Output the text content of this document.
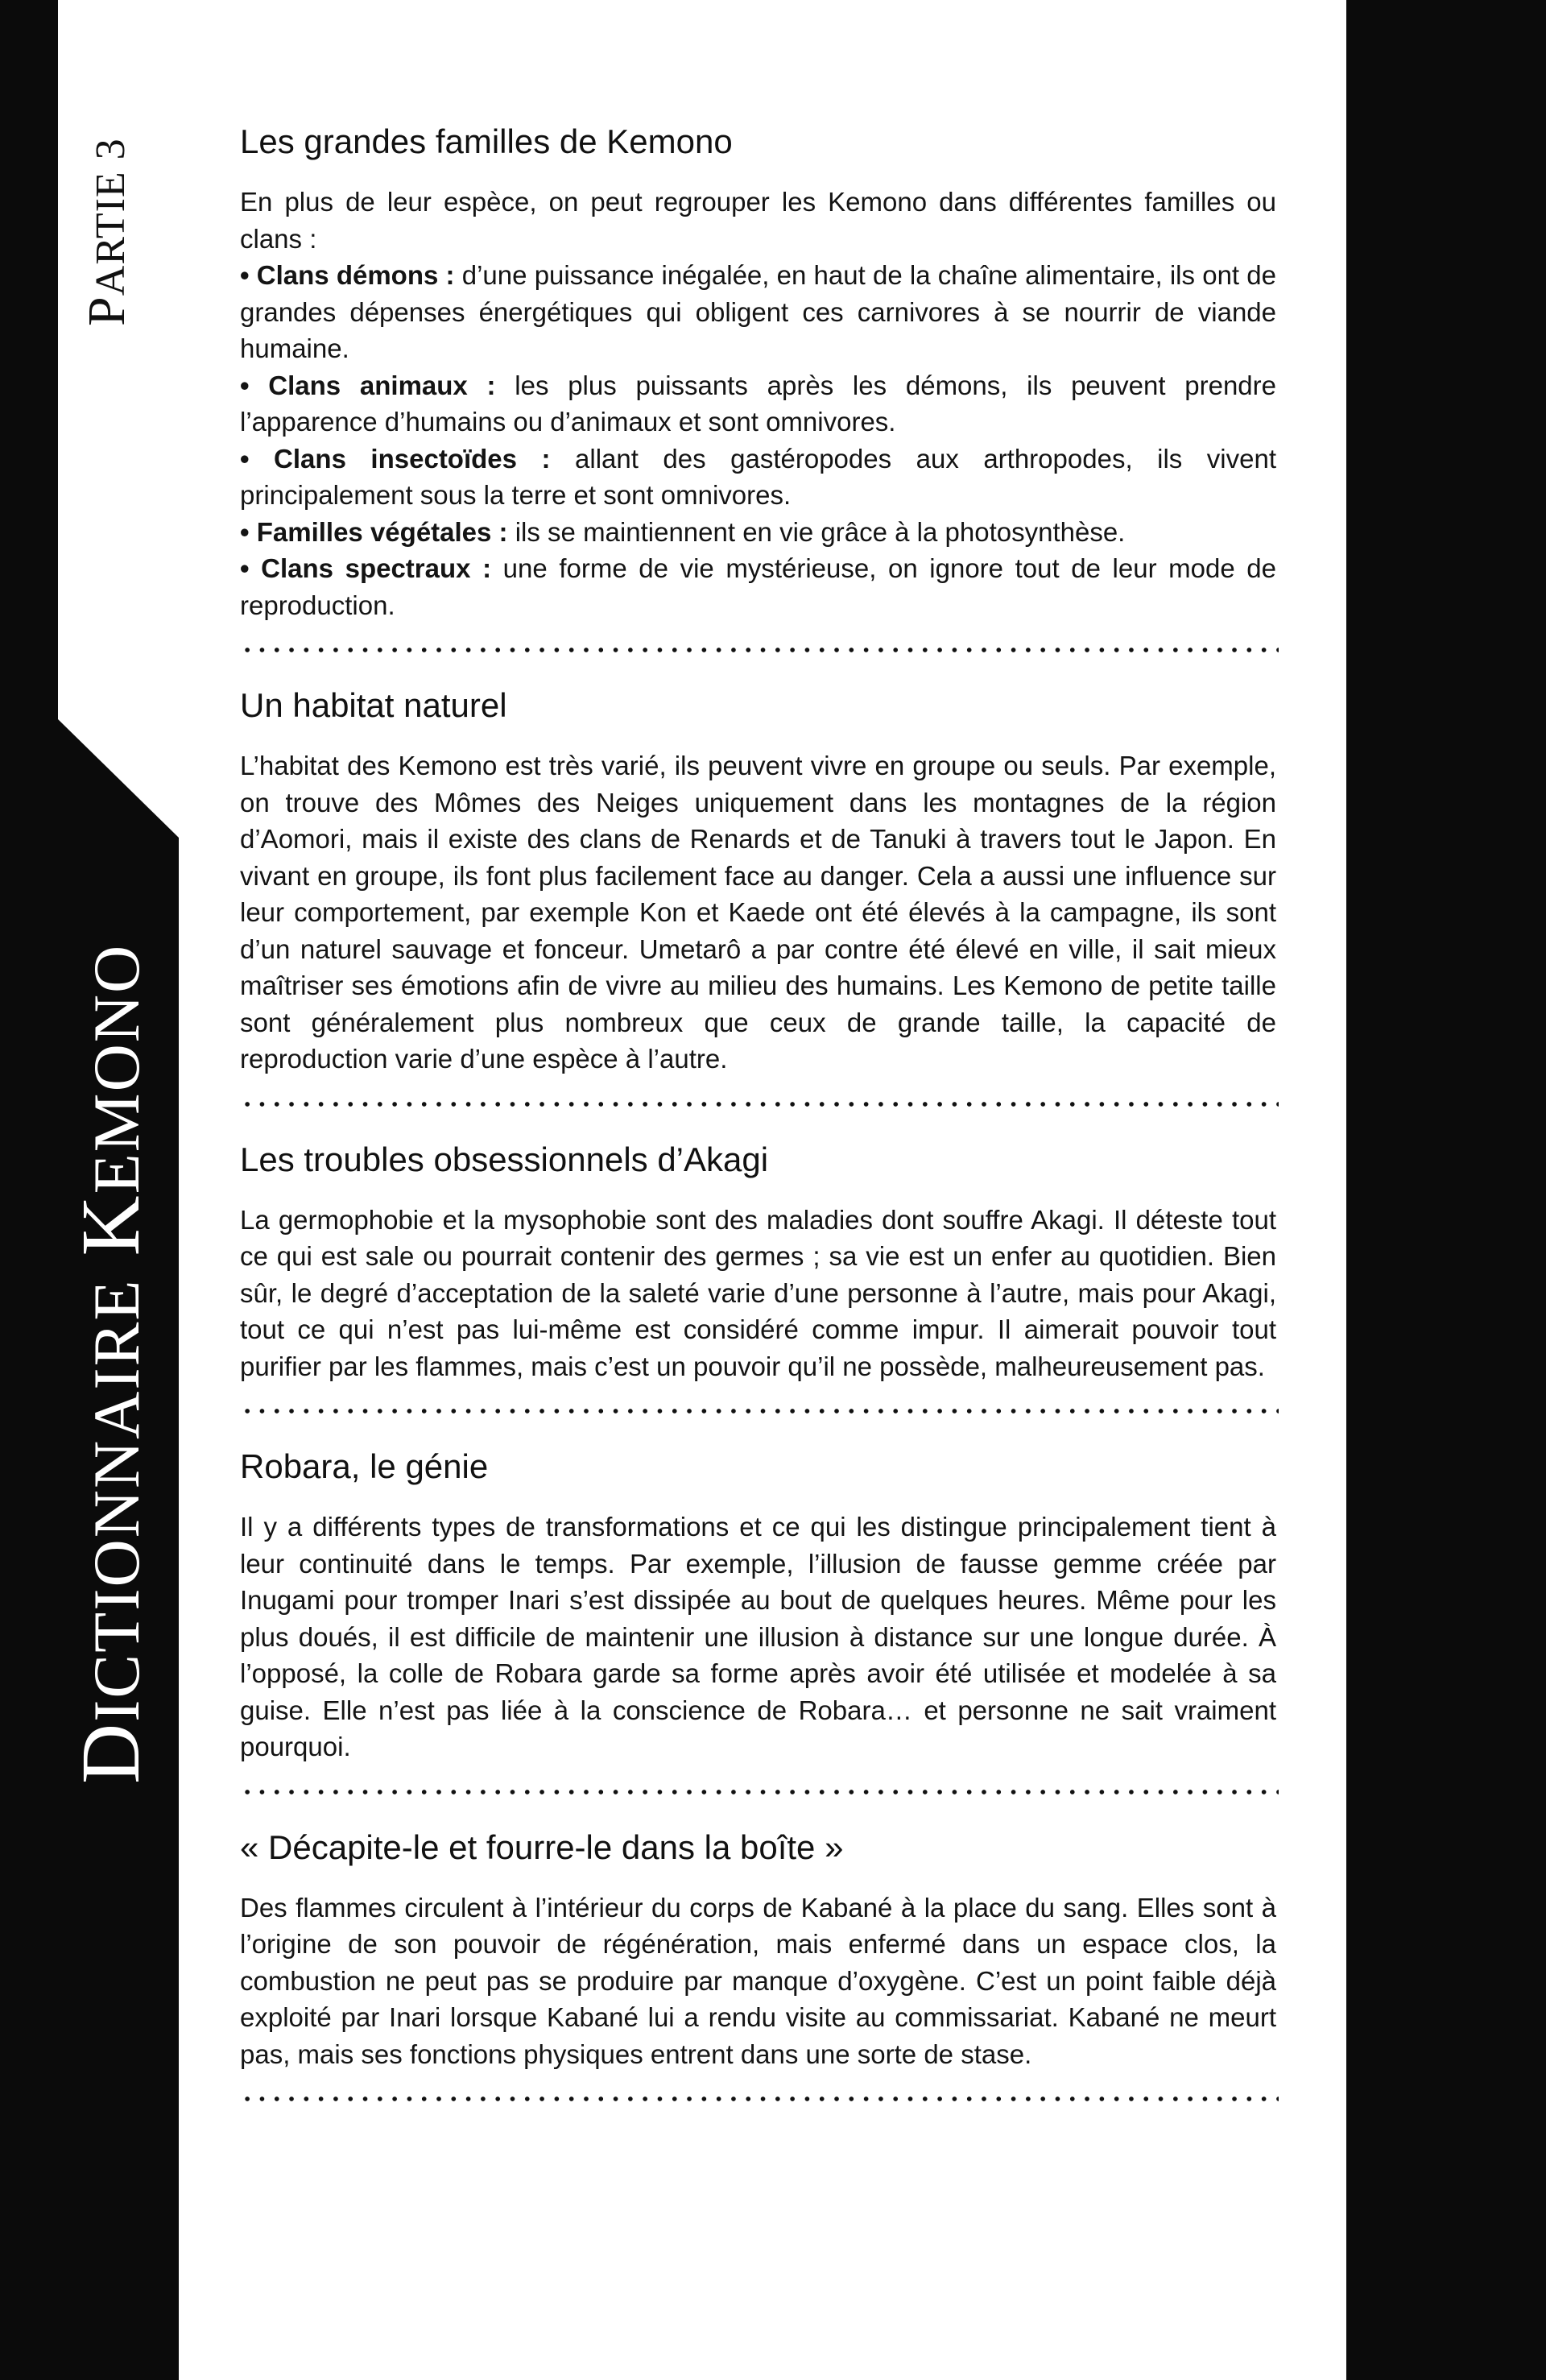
PARTIE 3
DICTIONNAIRE KEMONO
Les grandes familles de Kemono

En plus de leur espèce, on peut regrouper les Kemono dans différentes familles ou clans :
• Clans démons : d’une puissance inégalée, en haut de la chaîne alimentaire, ils ont de grandes dépenses énergétiques qui obligent ces carnivores à se nourrir de viande humaine.
• Clans animaux : les plus puissants après les démons, ils peuvent prendre l’apparence d’humains ou d’animaux et sont omnivores.
• Clans insectoïdes : allant des gastéropodes aux arthropodes, ils vivent principalement sous la terre et sont omnivores.
• Familles végétales : ils se maintiennent en vie grâce à la photosynthèse.
• Clans spectraux : une forme de vie mystérieuse, on ignore tout de leur mode de reproduction.

Un habitat naturel

L’habitat des Kemono est très varié, ils peuvent vivre en groupe ou seuls. Par exemple, on trouve des Mômes des Neiges uniquement dans les montagnes de la région d’Aomori, mais il existe des clans de Renards et de Tanuki à travers tout le Japon. En vivant en groupe, ils font plus facilement face au danger. Cela a aussi une influence sur leur comportement, par exemple Kon et Kaede ont été élevés à la campagne, ils sont d’un naturel sauvage et fonceur. Umetarô a par contre été élevé en ville, il sait mieux maîtriser ses émotions afin de vivre au milieu des humains. Les Kemono de petite taille sont généralement plus nombreux que ceux de grande taille, la capacité de reproduction varie d’une espèce à l’autre.

Les troubles obsessionnels d’Akagi

La germophobie et la mysophobie sont des maladies dont souffre Akagi. Il déteste tout ce qui est sale ou pourrait contenir des germes ; sa vie est un enfer au quotidien. Bien sûr, le degré d’acceptation de la saleté varie d’une personne à l’autre, mais pour Akagi, tout ce qui n’est pas lui-même est considéré comme impur. Il aimerait pouvoir tout purifier par les flammes, mais c’est un pouvoir qu’il ne possède, malheureusement pas.

Robara, le génie

Il y a différents types de transformations et ce qui les distingue principalement tient à leur continuité dans le temps. Par exemple, l’illusion de fausse gemme créée par Inugami pour tromper Inari s’est dissipée au bout de quelques heures. Même pour les plus doués, il est difficile de maintenir une illusion à distance sur une longue durée. À l’opposé, la colle de Robara garde sa forme après avoir été utilisée et modelée à sa guise. Elle n’est pas liée à la conscience de Robara… et personne ne sait vraiment pourquoi.

« Décapite-le et fourre-le dans la boîte »

Des flammes circulent à l’intérieur du corps de Kabané à la place du sang. Elles sont à l’origine de son pouvoir de régénération, mais enfermé dans un espace clos, la combustion ne peut pas se produire par manque d’oxygène. C’est un point faible déjà exploité par Inari lorsque Kabané lui a rendu visite au commissariat. Kabané ne meurt pas, mais ses fonctions physiques entrent dans une sorte de stase.
